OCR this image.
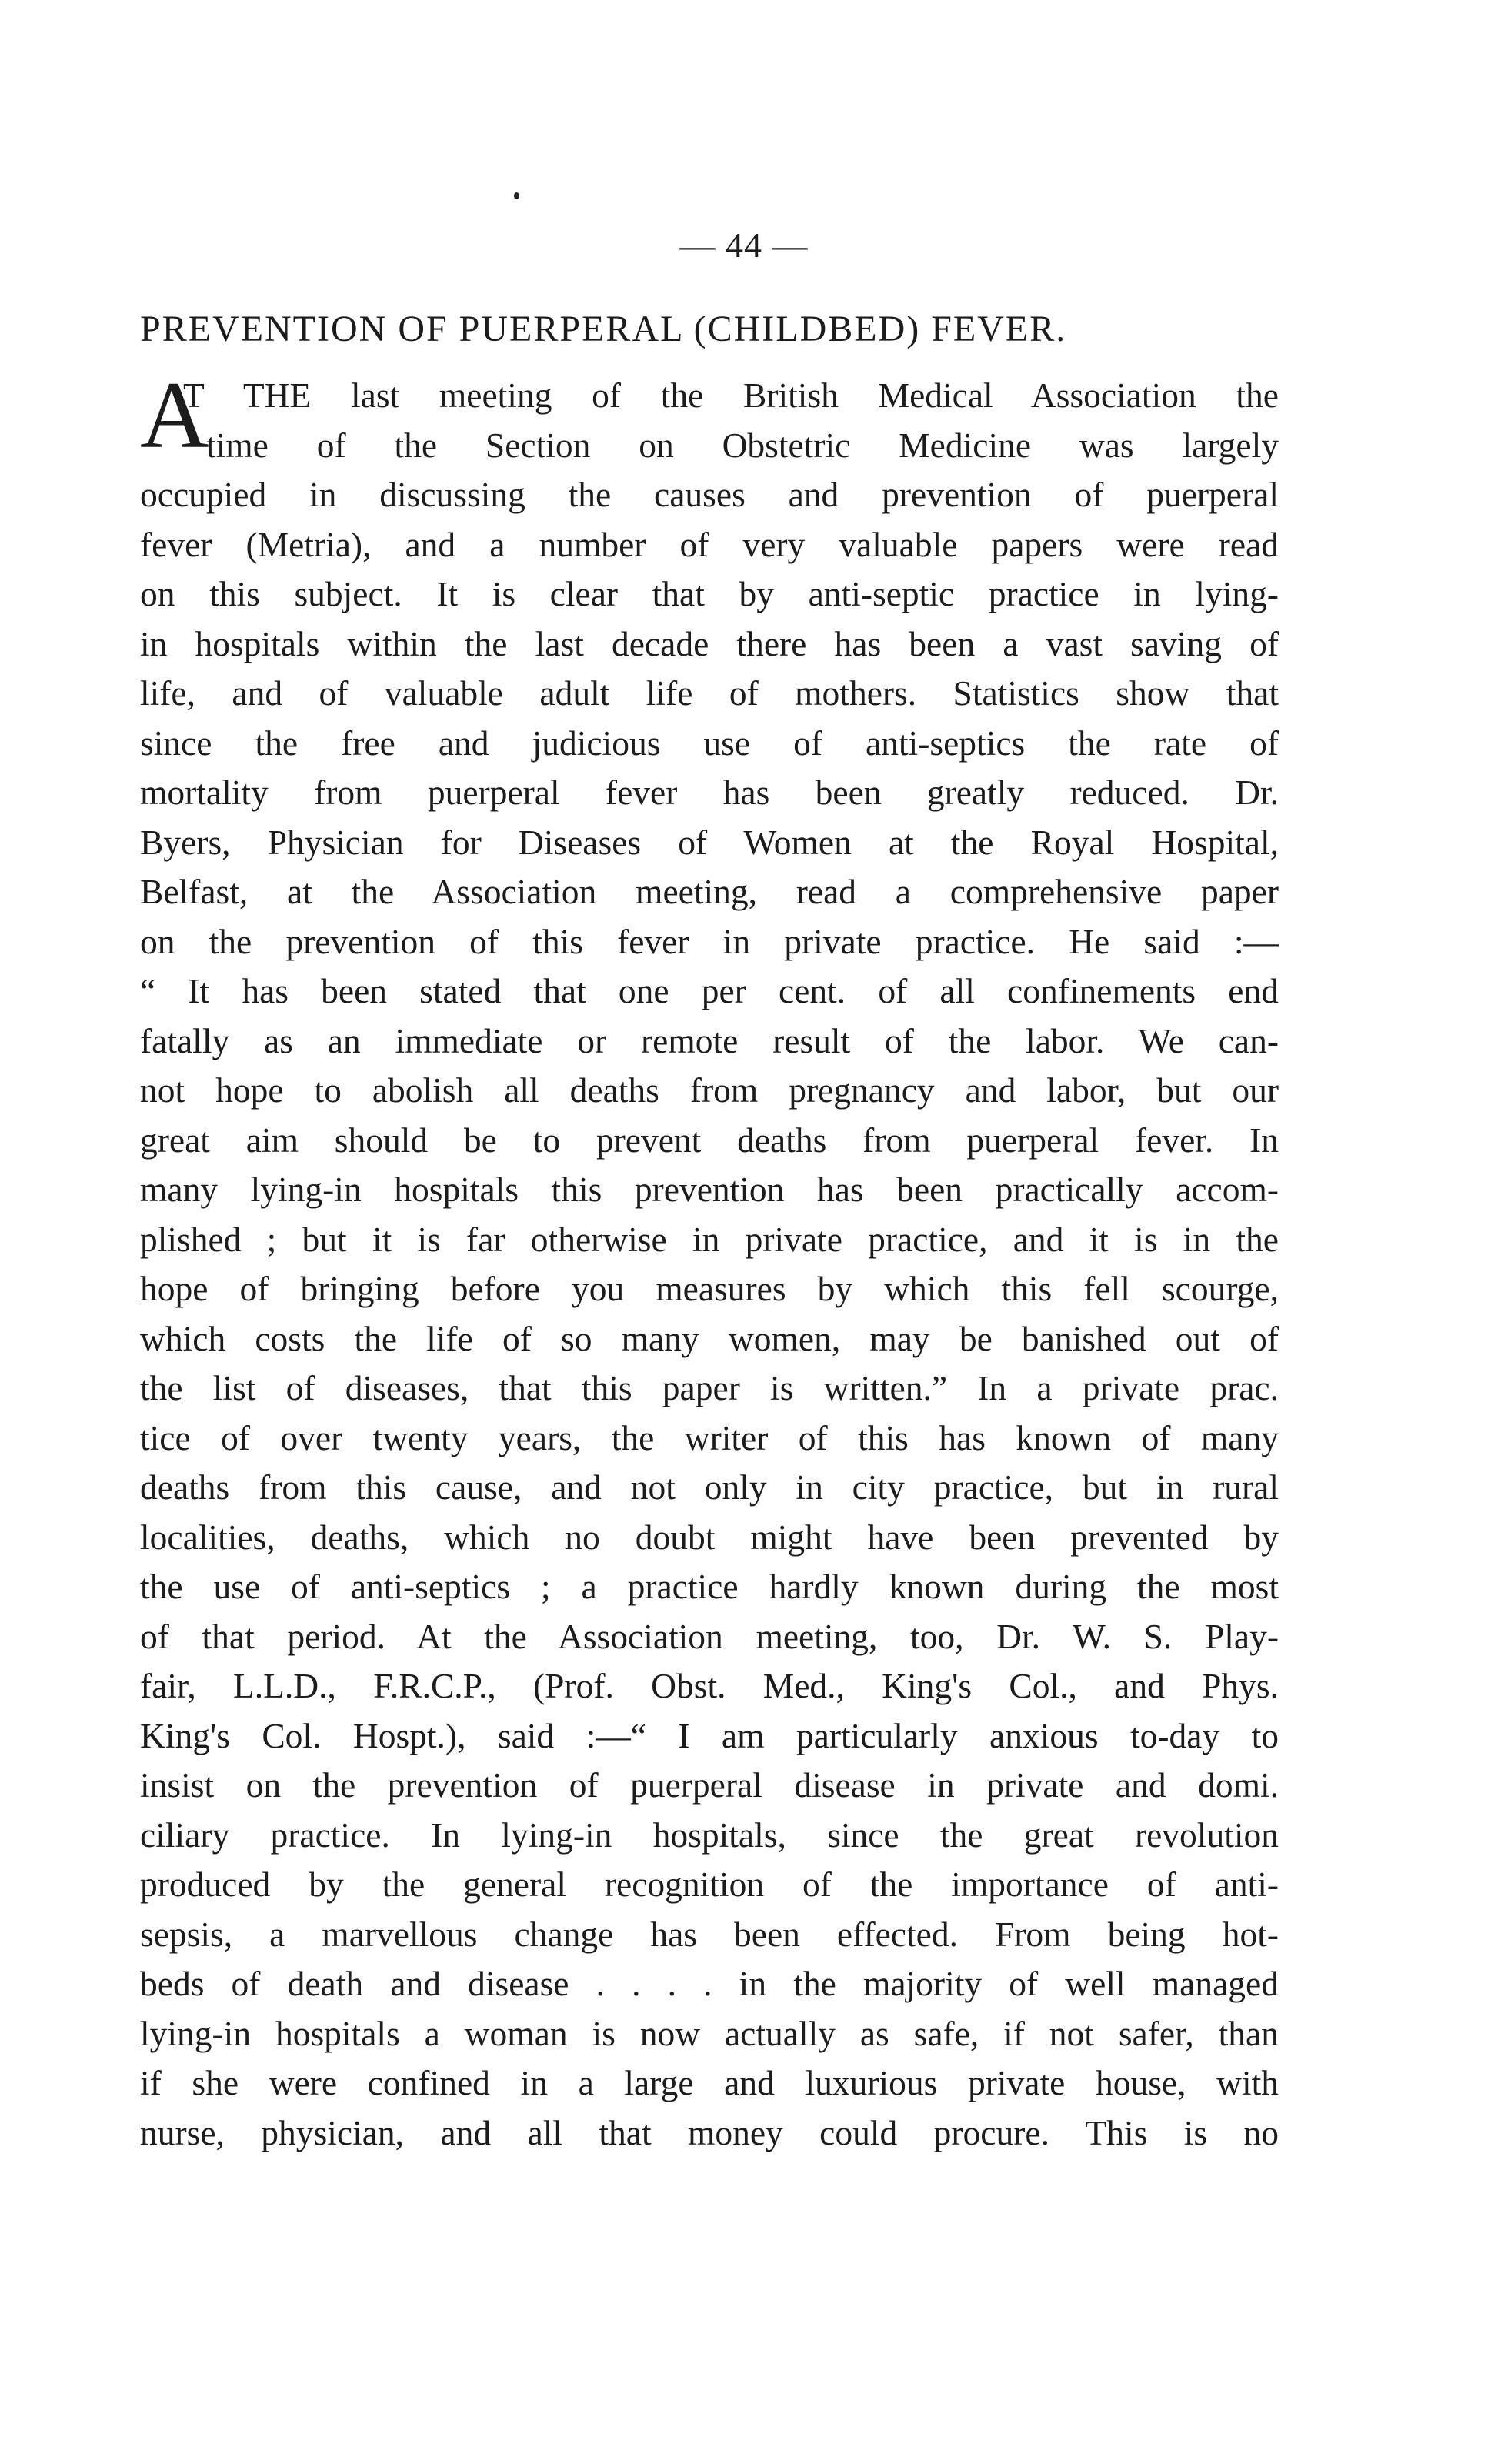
— 44 —

PREVENTION OF PUERPERAL (CHILDBED) FEVER.
A
T THE last meeting of the British Medical Association the
time of the Section on Obstetric Medicine was largely
occupied in discussing the causes and prevention of puerperal
fever (Metria), and a number of very valuable papers were read
on this subject. It is clear that by anti-septic practice in lying-
in hospitals within the last decade there has been a vast saving of
life, and of valuable adult life of mothers. Statistics show that
since the free and judicious use of anti-septics the rate of
mortality from puerperal fever has been greatly reduced. Dr.
Byers, Physician for Diseases of Women at the Royal Hospital,
Belfast, at the Association meeting, read a comprehensive paper
on the prevention of this fever in private practice. He said :—
“ It has been stated that one per cent. of all confinements end
fatally as an immediate or remote result of the labor. We can-
not hope to abolish all deaths from pregnancy and labor, but our
great aim should be to prevent deaths from puerperal fever. In
many lying-in hospitals this prevention has been practically accom-
plished ; but it is far otherwise in private practice, and it is in the
hope of bringing before you measures by which this fell scourge,
which costs the life of so many women, may be banished out of
the list of diseases, that this paper is written.” In a private prac.
tice of over twenty years, the writer of this has known of many
deaths from this cause, and not only in city practice, but in rural
localities, deaths, which no doubt might have been prevented by
the use of anti-septics ; a practice hardly known during the most
of that period. At the Association meeting, too, Dr. W. S. Play-
fair, L.L.D., F.R.C.P., (Prof. Obst. Med., King's Col., and Phys.
King's Col. Hospt.), said :—“ I am particularly anxious to-day to
insist on the prevention of puerperal disease in private and domi.
ciliary practice. In lying-in hospitals, since the great revolution
produced by the general recognition of the importance of anti-
sepsis, a marvellous change has been effected. From being hot-
beds of death and disease . . . . in the majority of well managed
lying-in hospitals a woman is now actually as safe, if not safer, than
if she were confined in a large and luxurious private house, with
nurse, physician, and all that money could procure. This is no
